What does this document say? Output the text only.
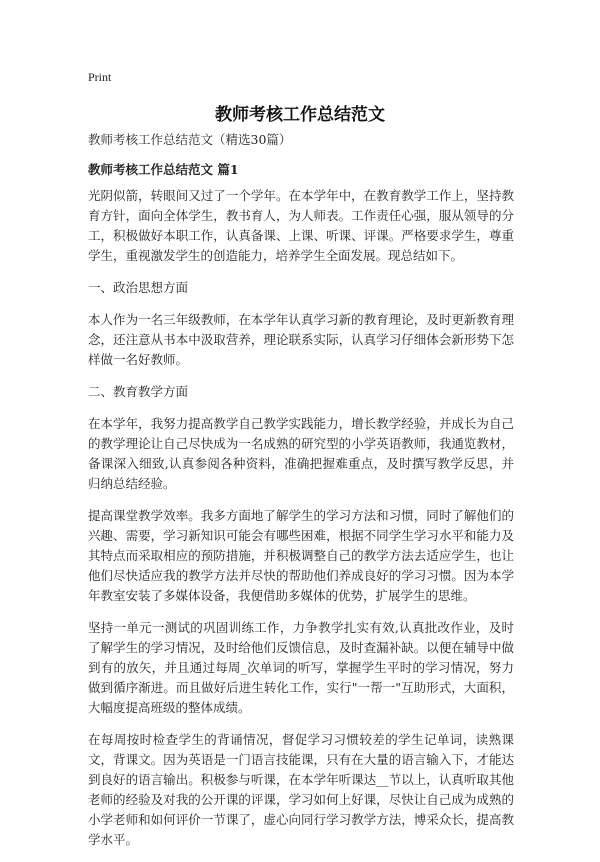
Print
教师考核工作总结范文

教师考核工作总结范文（精选30篇）

教师考核工作总结范文 篇1

光阴似箭，转眼间又过了一个学年。在本学年中，在教育教学工作上，坚持教育方针，面向全体学生，教书育人，为人师表。工作责任心强，服从领导的分工，积极做好本职工作，认真备课、上课、听课、评课。严格要求学生，尊重学生，重视激发学生的创造能力，培养学生全面发展。现总结如下。

一、政治思想方面

本人作为一名三年级教师，在本学年认真学习新的教育理论，及时更新教育理念，还注意从书本中汲取营养，理论联系实际，认真学习仔细体会新形势下怎样做一名好教师。

二、教育教学方面

在本学年，我努力提高教学自己教学实践能力，增长教学经验，并成长为自己的教学理论让自己尽快成为一名成熟的研究型的小学英语教师，我通览教材，备课深入细致,认真参阅各种资料，准确把握难重点，及时撰写教学反思，并归纳总结经验。

提高课堂教学效率。我多方面地了解学生的学习方法和习惯，同时了解他们的兴趣、需要，学习新知识可能会有哪些困难，根据不同学生学习水平和能力及其特点而采取相应的预防措施，并积极调整自己的教学方法去适应学生，也让他们尽快适应我的教学方法并尽快的帮助他们养成良好的学习习惯。因为本学年教室安装了多媒体设备，我便借助多媒体的优势，扩展学生的思维。

坚持一单元一测试的巩固训练工作，力争教学扎实有效,认真批改作业，及时了解学生的学习情况，及时给他们反馈信息，及时查漏补缺。以便在辅导中做到有的放矢，并且通过每周_次单词的听写，掌握学生平时的学习情况，努力做到循序渐进。而且做好后进生转化工作，实行"一帮一"互助形式，大面积，大幅度提高班级的整体成绩。

在每周按时检查学生的背诵情况，督促学习习惯较差的学生记单词，读熟课文，背课文。因为英语是一门语言技能课，只有在大量的语言输入下，才能达到良好的语言输出。积极参与听课，在本学年听课达__节以上，认真听取其他老师的经验及对我的公开课的评课，学习如何上好课，尽快让自己成为成熟的小学老师和如何评价一节课了，虚心向同行学习教学方法，博采众长，提高教学水平。
